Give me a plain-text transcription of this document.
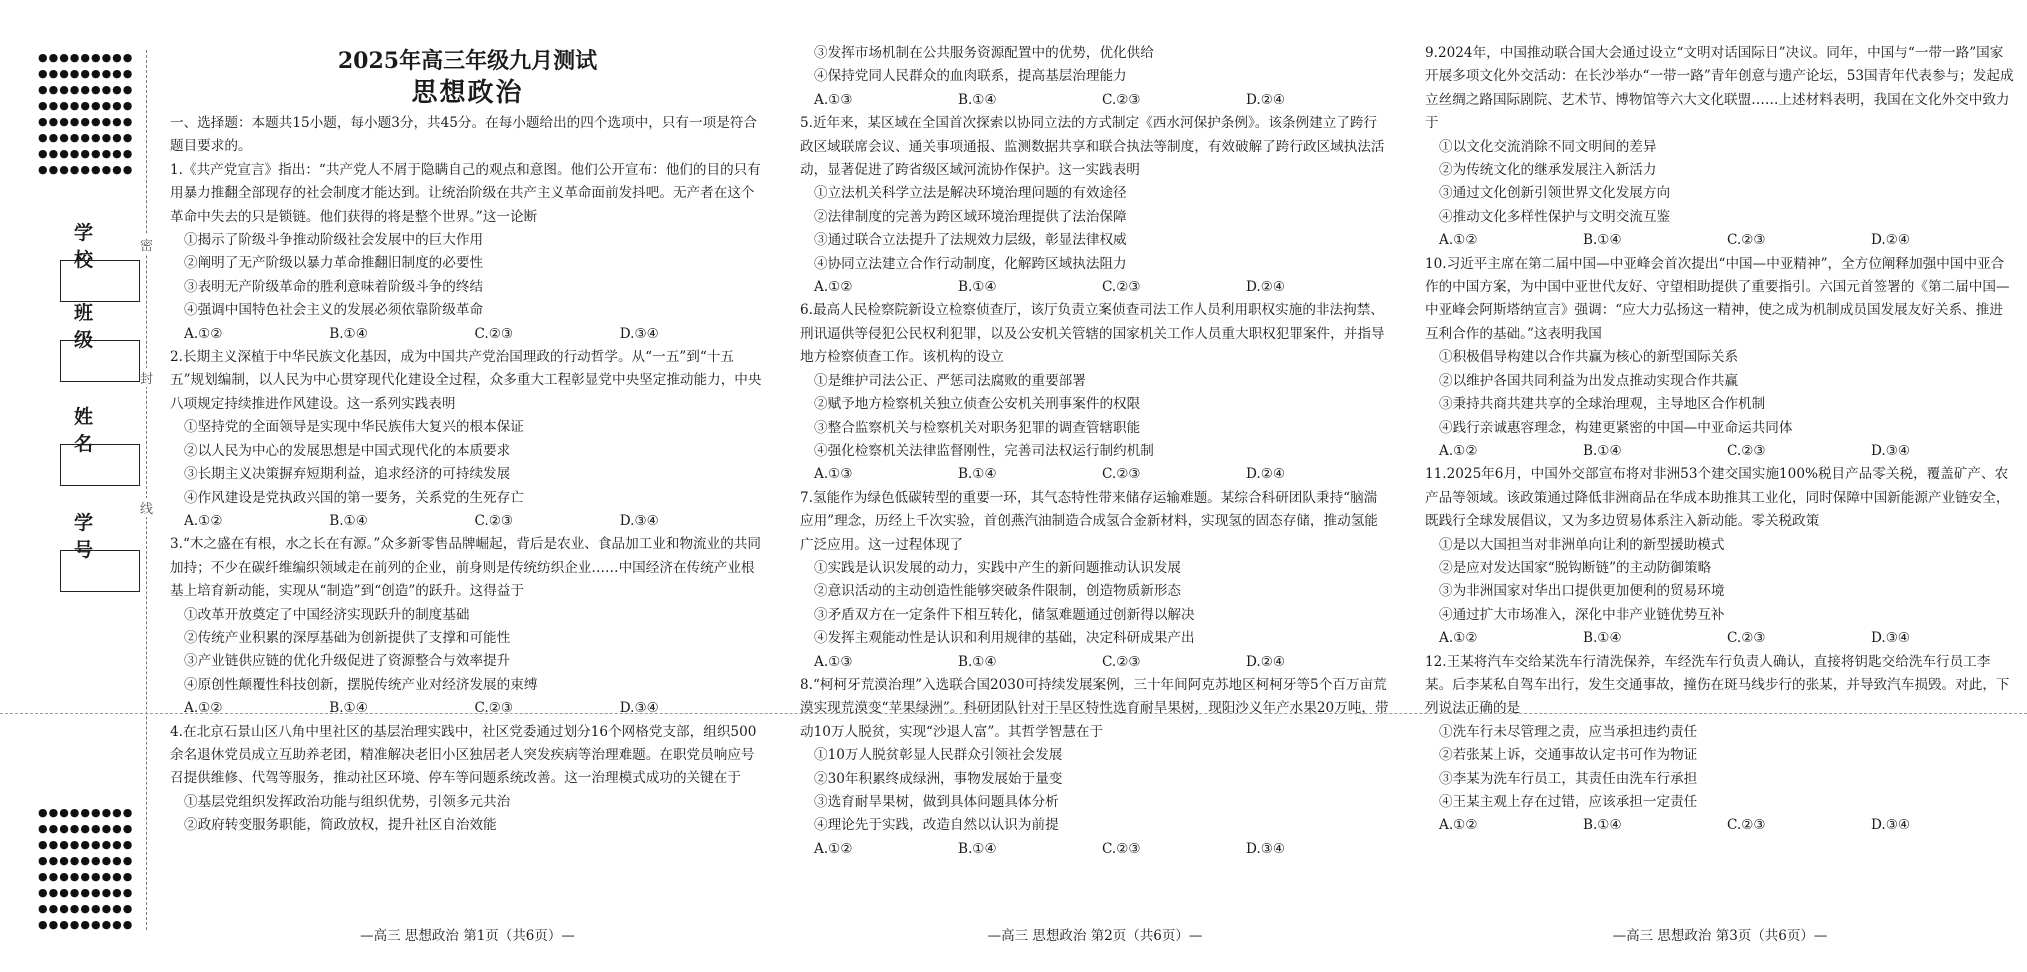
●●●●●●●●●
●●●●●●●●●
●●●●●●●●●
●●●●●●●●●
●●●●●●●●●
●●●●●●●●●
●●●●●●●●●
●●●●●●●●●
学 校
班 级
姓 名
学 号
密
封
线
●●●●●●●●●
●●●●●●●●●
●●●●●●●●●
●●●●●●●●●
●●●●●●●●●
●●●●●●●●●
●●●●●●●●●
●●●●●●●●●
2025年高三年级九月测试
思想政治
一、选择题：本题共15小题，每小题3分，共45分。在每小题给出的四个选项中，只有一项是符合题目要求的。
1.《共产党宣言》指出：“共产党人不屑于隐瞒自己的观点和意图。他们公开宣布：他们的目的只有用暴力推翻全部现存的社会制度才能达到。让统治阶级在共产主义革命面前发抖吧。无产者在这个革命中失去的只是锁链。他们获得的将是整个世界。”这一论断
①揭示了阶级斗争推动阶级社会发展中的巨大作用
②阐明了无产阶级以暴力革命推翻旧制度的必要性
③表明无产阶级革命的胜利意味着阶级斗争的终结
④强调中国特色社会主义的发展必须依靠阶级革命
A.①②	B.①④	C.②③	D.③④
2.长期主义深植于中华民族文化基因，成为中国共产党治国理政的行动哲学。从“一五”到“十五五”规划编制，以人民为中心贯穿现代化建设全过程，众多重大工程彰显党中央坚定推动能力，中央八项规定持续推进作风建设。这一系列实践表明
①坚持党的全面领导是实现中华民族伟大复兴的根本保证
②以人民为中心的发展思想是中国式现代化的本质要求
③长期主义决策摒弃短期利益，追求经济的可持续发展
④作风建设是党执政兴国的第一要务，关系党的生死存亡
A.①②	B.①④	C.②③	D.③④
3.“木之盛在有根，水之长在有源。”众多新零售品牌崛起，背后是农业、食品加工业和物流业的共同加持；不少在碳纤维编织领域走在前列的企业，前身则是传统纺织企业……中国经济在传统产业根基上培育新动能，实现从“制造”到“创造”的跃升。这得益于
①改革开放奠定了中国经济实现跃升的制度基础
②传统产业积累的深厚基础为创新提供了支撑和可能性
③产业链供应链的优化升级促进了资源整合与效率提升
④原创性颠覆性科技创新，摆脱传统产业对经济发展的束缚
A.①②	B.①④	C.②③	D.③④
4.在北京石景山区八角中里社区的基层治理实践中，社区党委通过划分16个网格党支部，组织500余名退休党员成立互助养老团，精准解决老旧小区独居老人突发疾病等治理难题。在职党员响应号召提供维修、代驾等服务，推动社区环境、停车等问题系统改善。这一治理模式成功的关键在于
①基层党组织发挥政治功能与组织优势，引领多元共治
②政府转变服务职能，简政放权，提升社区自治效能
③发挥市场机制在公共服务资源配置中的优势，优化供给
④保持党同人民群众的血肉联系，提高基层治理能力
A.①③	B.①④	C.②③	D.②④
5.近年来，某区域在全国首次探索以协同立法的方式制定《西水河保护条例》。该条例建立了跨行政区域联席会议、通关事项通报、监测数据共享和联合执法等制度，有效破解了跨行政区域执法活动，显著促进了跨省级区域河流协作保护。这一实践表明
①立法机关科学立法是解决环境治理问题的有效途径
②法律制度的完善为跨区域环境治理提供了法治保障
③通过联合立法提升了法规效力层级，彰显法律权威
④协同立法建立合作行动制度，化解跨区域执法阻力
A.①②	B.①④	C.②③	D.②④
6.最高人民检察院新设立检察侦查厅，该厅负责立案侦查司法工作人员利用职权实施的非法拘禁、刑讯逼供等侵犯公民权利犯罪，以及公安机关管辖的国家机关工作人员重大职权犯罪案件，并指导地方检察侦查工作。该机构的设立
①是维护司法公正、严惩司法腐败的重要部署
②赋予地方检察机关独立侦查公安机关刑事案件的权限
③整合监察机关与检察机关对职务犯罪的调查管辖职能
④强化检察机关法律监督刚性，完善司法权运行制约机制
A.①③	B.①④	C.②③	D.②④
7.氢能作为绿色低碳转型的重要一环，其气态特性带来储存运输难题。某综合科研团队秉持“脑湍应用”理念，历经上千次实验，首创燕汽油制造合成氢合金新材料，实现氢的固态存储，推动氢能广泛应用。这一过程体现了
①实践是认识发展的动力，实践中产生的新问题推动认识发展
②意识活动的主动创造性能够突破条件限制，创造物质新形态
③矛盾双方在一定条件下相互转化，储氢难题通过创新得以解决
④发挥主观能动性是认识和利用规律的基础，决定科研成果产出
A.①③	B.①④	C.②③	D.②④
8.“柯柯牙荒漠治理”入选联合国2030可持续发展案例，三十年间阿克苏地区柯柯牙等5个百万亩荒漠实现荒漠变“苹果绿洲”。科研团队针对干旱区特性选育耐旱果树，现阳沙义年产水果20万吨，带动10万人脱贫，实现“沙退人富”。其哲学智慧在于
①10万人脱贫彰显人民群众引领社会发展
②30年积累终成绿洲，事物发展始于量变
③选育耐旱果树，做到具体问题具体分析
④理论先于实践，改造自然以认识为前提
A.①②	B.①④	C.②③	D.③④
9.2024年，中国推动联合国大会通过设立“文明对话国际日”决议。同年，中国与“一带一路”国家开展多项文化外交活动：在长沙举办“一带一路”青年创意与遗产论坛，53国青年代表参与；发起成立丝绸之路国际剧院、艺术节、博物馆等六大文化联盟……上述材料表明，我国在文化外交中致力于
①以文化交流消除不同文明间的差异
②为传统文化的继承发展注入新活力
③通过文化创新引领世界文化发展方向
④推动文化多样性保护与文明交流互鉴
A.①②	B.①④	C.②③	D.②④
10.习近平主席在第二届中国—中亚峰会首次提出“中国—中亚精神”，全方位阐释加强中国中亚合作的中国方案，为中国中亚世代友好、守望相助提供了重要指引。六国元首签署的《第二届中国—中亚峰会阿斯塔纳宣言》强调：“应大力弘扬这一精神，使之成为机制成员国发展友好关系、推进互利合作的基础。”这表明我国
①积极倡导构建以合作共赢为核心的新型国际关系
②以维护各国共同利益为出发点推动实现合作共赢
③秉持共商共建共享的全球治理观，主导地区合作机制
④践行亲诚惠容理念，构建更紧密的中国—中亚命运共同体
A.①②	B.①④	C.②③	D.③④
11.2025年6月，中国外交部宣布将对非洲53个建交国实施100%税目产品零关税，覆盖矿产、农产品等领域。该政策通过降低非洲商品在华成本助推其工业化，同时保障中国新能源产业链安全，既践行全球发展倡议，又为多边贸易体系注入新动能。零关税政策
①是以大国担当对非洲单向让利的新型援助模式
②是应对发达国家“脱钩断链”的主动防御策略
③为非洲国家对华出口提供更加便利的贸易环境
④通过扩大市场准入，深化中非产业链优势互补
A.①②	B.①④	C.②③	D.③④
12.王某将汽车交给某洗车行清洗保养，车经洗车行负责人确认，直接将钥匙交给洗车行员工李某。后李某私自驾车出行，发生交通事故，撞伤在斑马线步行的张某，并导致汽车损毁。对此，下列说法正确的是
①洗车行未尽管理之责，应当承担违约责任
②若张某上诉，交通事故认定书可作为物证
③李某为洗车行员工，其责任由洗车行承担
④王某主观上存在过错，应该承担一定责任
A.①②	B.①④	C.②③	D.③④
—高三 思想政治 第1页（共6页）—	—高三 思想政治 第2页（共6页）—	—高三 思想政治 第3页（共6页）—
